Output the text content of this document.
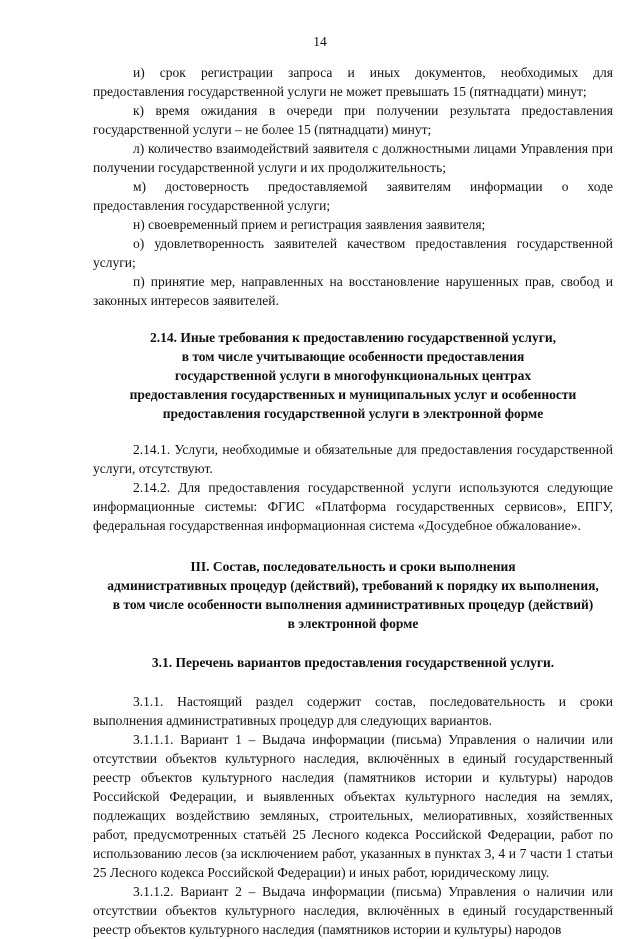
14

и) срок регистрации запроса и иных документов, необходимых для предоставления государственной услуги не может превышать 15 (пятнадцати) минут;

к) время ожидания в очереди при получении результата предоставления государственной услуги – не более 15 (пятнадцати) минут;

л) количество взаимодействий заявителя с должностными лицами Управления при получении государственной услуги и их продолжительность;

м) достоверность предоставляемой заявителям информации о ходе предоставления государственной услуги;

н) своевременный прием и регистрация заявления заявителя;

о) удовлетворенность заявителей качеством предоставления государственной услуги;

п) принятие мер, направленных на восстановление нарушенных прав, свобод и законных интересов заявителей.

2.14. Иные требования к предоставлению государственной услуги,
в том числе учитывающие особенности предоставления
государственной услуги в многофункциональных центрах
предоставления государственных и муниципальных услуг и особенности
предоставления государственной услуги в электронной форме

2.14.1. Услуги, необходимые и обязательные для предоставления государственной услуги, отсутствуют.

2.14.2. Для предоставления государственной услуги используются следующие информационные системы: ФГИС «Платформа государственных сервисов», ЕПГУ, федеральная государственная информационная система «Досудебное обжалование».

III. Состав, последовательность и сроки выполнения
административных процедур (действий), требований к порядку их выполнения,
в том числе особенности выполнения административных процедур (действий)
в электронной форме
3.1. Перечень вариантов предоставления государственной услуги.

3.1.1. Настоящий раздел содержит состав, последовательность и сроки выполнения административных процедур для следующих вариантов.

3.1.1.1. Вариант 1 – Выдача информации (письма) Управления о наличии или отсутствии объектов культурного наследия, включённых в единый государственный реестр объектов культурного наследия (памятников истории и культуры) народов Российской Федерации, и выявленных объектах культурного наследия на землях, подлежащих воздействию земляных, строительных, мелиоративных, хозяйственных работ, предусмотренных статьёй 25 Лесного кодекса Российской Федерации, работ по использованию лесов (за исключением работ, указанных в пунктах 3, 4 и 7 части 1 статьи 25 Лесного кодекса Российской Федерации) и иных работ, юридическому лицу.

3.1.1.2. Вариант 2 – Выдача информации (письма) Управления о наличии или отсутствии объектов культурного наследия, включённых в единый государственный реестр объектов культурного наследия (памятников истории и культуры) народов
